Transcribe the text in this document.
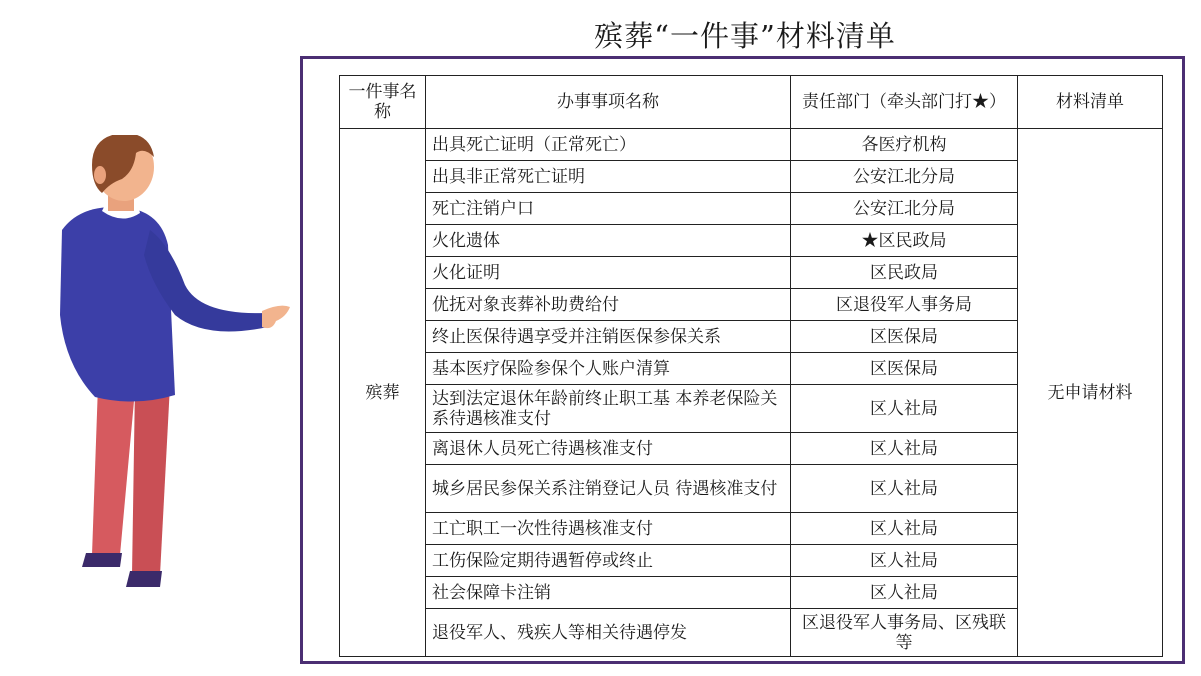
殡葬“一件事”材料清单
一件事名称	办事事项名称	责任部门（牵头部门打★）	材料清单
殡葬	出具死亡证明（正常死亡）	各医疗机构	无申请材料
	出具非正常死亡证明	公安江北分局	
	死亡注销户口	公安江北分局	
	火化遗体	★区民政局	
	火化证明	区民政局	
	优抚对象丧葬补助费给付	区退役军人事务局	
	终止医保待遇享受并注销医保参保关系	区医保局	
	基本医疗保险参保个人账户清算	区医保局	
	达到法定退休年龄前终止职工基 本养老保险关系待遇核准支付	区人社局	
	离退休人员死亡待遇核准支付	区人社局	
	城乡居民参保关系注销登记人员 待遇核准支付	区人社局	
	工亡职工一次性待遇核准支付	区人社局	
	工伤保险定期待遇暂停或终止	区人社局	
	社会保障卡注销	区人社局	
	退役军人、残疾人等相关待遇停发	区退役军人事务局、区残联等	
